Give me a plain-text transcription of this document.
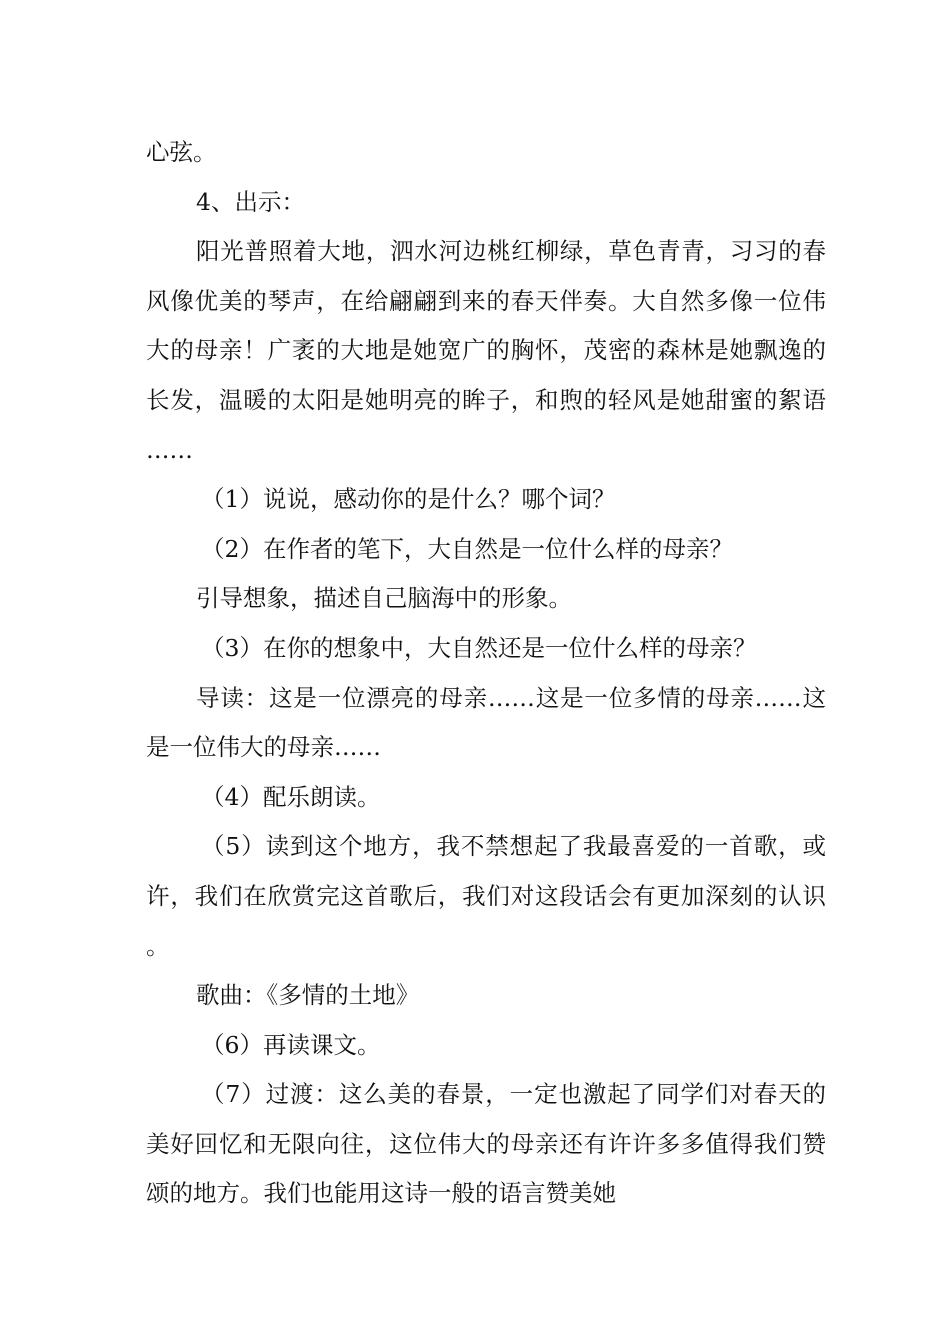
心弦。

4、出示：

阳光普照着大地，泗水河边桃红柳绿，草色青青，习习的春风像优美的琴声，在给翩翩到来的春天伴奏。大自然多像一位伟大的母亲！广袤的大地是她宽广的胸怀，茂密的森林是她飘逸的长发，温暖的太阳是她明亮的眸子，和煦的轻风是她甜蜜的絮语……

（1）说说，感动你的是什么？哪个词？

（2）在作者的笔下，大自然是一位什么样的母亲？

引导想象，描述自己脑海中的形象。

（3）在你的想象中，大自然还是一位什么样的母亲？

导读：这是一位漂亮的母亲……这是一位多情的母亲……这是一位伟大的母亲……

（4）配乐朗读。

（5）读到这个地方，我不禁想起了我最喜爱的一首歌，或许，我们在欣赏完这首歌后，我们对这段话会有更加深刻的认识。

歌曲：《多情的土地》

（6）再读课文。

（7）过渡：这么美的春景，一定也激起了同学们对春天的美好回忆和无限向往，这位伟大的母亲还有许许多多值得我们赞颂的地方。我们也能用这诗一般的语言赞美她
